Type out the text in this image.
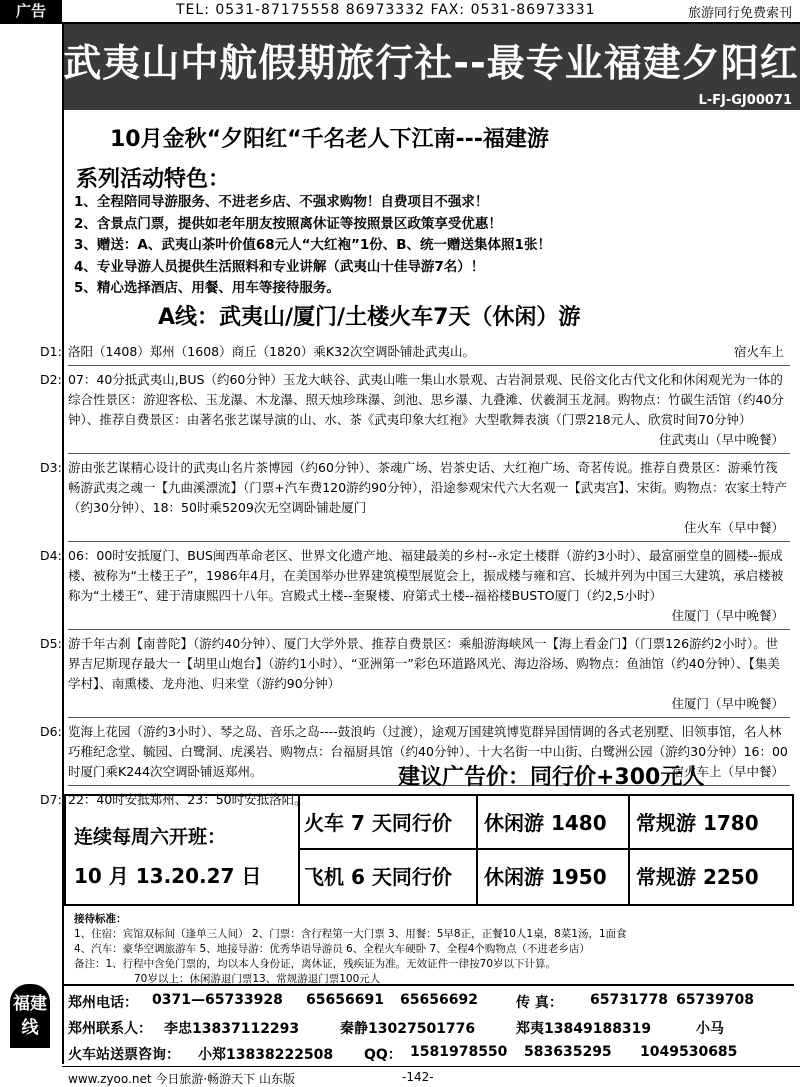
广告	TEL: 0531-87175558 86973332 FAX: 0531-86973331	旅游同行免费索刊
武夷山中航假期旅行社--最专业福建夕阳红
L-FJ-GJ00071
福建线
10月金秋“夕阳红“千名老人下江南---福建游
系列活动特色：
1、全程陪同导游服务、不进老乡店、不强求购物！自费项目不强求！
2、含景点门票，提供如老年朋友按照离休证等按照景区政策享受优惠！
3、赠送：A、武夷山茶叶价值68元人“大红袍”1份、B、统一赠送集体照1张！
4、专业导游人员提供生活照料和专业讲解（武夷山十佳导游7名）！
5、精心选择酒店、用餐、用车等接待服务。
A线：武夷山/厦门/土楼火车7天（休闲）游
D1:	宿火车上
洛阳（1408）郑州（1608）商丘（1820）乘K32次空调卧铺赴武夷山。
D2: 07：40分抵武夷山,BUS（约60分钟）玉龙大峡谷、武夷山唯一集山水景观、古岩洞景观、民俗文化古代文化和休闲观光为一体的综合性景区：游迎客松、玉龙瀑、木龙瀑、照天烛珍珠瀑、剑池、思乡瀑、九叠滩、伏羲洞玉龙洞。购物点：竹碳生活馆（约40分钟）、推荐自费景区：由著名张艺谋导演的山、水、茶《武夷印象大红袍》大型歌舞表演（门票218元人、欣赏时间70分钟）
住武夷山（早中晚餐）
D3: 游由张艺谋精心设计的武夷山名片茶博园（约60分钟）、茶魂广场、岩茶史话、大红袍广场、奇茗传说。推荐自费景区：游乘竹筏畅游武夷之魂一【九曲溪漂流】（门票+汽车费120游约90分钟），沿途参观宋代六大名观一【武夷宫】、宋街。购物点：农家土特产（约30分钟）、18：50时乘5209次无空调卧铺赴厦门
住火车（早中餐）
D4: 06：00时安抵厦门、BUS闽西革命老区、世界文化遗产地、福建最美的乡村--永定土楼群（游约3小时）、最富丽堂皇的圆楼--振成楼、被称为“土楼王子”，1986年4月，在美国举办世界建筑模型展览会上，振成楼与雍和宫、长城并列为中国三大建筑，承启楼被称为“土楼王”、建于清康熙四十八年。宫殿式土楼--奎聚楼、府第式土楼--福裕楼BUSTO厦门（约2,5小时）
住厦门（早中晚餐）
D5: 游千年古刹【南普陀】（游约40分钟）、厦门大学外景、推荐自费景区：乘船游海峡风一【海上看金门】（门票126游约2小时）。世界吉尼斯现存最大一【胡里山炮台】（游约1小时）、“亚洲第一”彩色环道路风光、海边浴场、购物点：鱼油馆（约40分钟）、【集美学村】、南熏楼、龙舟池、归来堂（游约90分钟）
住厦门（早中晚餐）
D6: 览海上花园（游约3小时）、琴之岛、音乐之岛----鼓浪屿（过渡），途观万国建筑博览群异国情调的各式老别墅、旧领事馆，名人林巧稚纪念堂、毓园、白鹭洞、虎溪岩、购物点：台福厨具馆（约40分钟）、十大名街一中山街、白鹭洲公园（游约30分钟）16：00时厦门乘K244次空调卧铺返郑州。	宿火车上（早中餐）
D7: 22：40时安抵郑州、23：50时安抵洛阳。
建议广告价：同行价+300元人
连续每周六开班：
10 月 13.20.27 日
火车 7 天同行价	休闲游 1480	常规游 1780
飞机 6 天同行价	休闲游 1950	常规游 2250
接待标准：
1、住宿：宾馆双标间（逢单三人间） 2、门票：含行程第一大门票 3、用餐：5早8正，正餐10人1桌，8菜1汤，1面食
4、汽车：豪华空调旅游车 5、地接导游：优秀华语导游员 6、全程火车硬卧 7、全程4个购物点（不进老乡店）
备注：1、行程中含免门票的，均以本人身份证，离休证，残疾证为准。无效证件一律按70岁以下计算。
70岁以上：休闲游退门票13、常规游退门票100元人
郑州电话： 0371—65733928 65656691 65656692	传 真： 65731778 65739708
郑州联系人： 李忠13837112293	秦静13027501776	郑夷13849188319	小马
火车站送票咨询： 小郑13838222508 QQ： 1581978550 583635295 1049530685
www.zyoo.net 今日旅游·畅游天下 山东版	-142-
